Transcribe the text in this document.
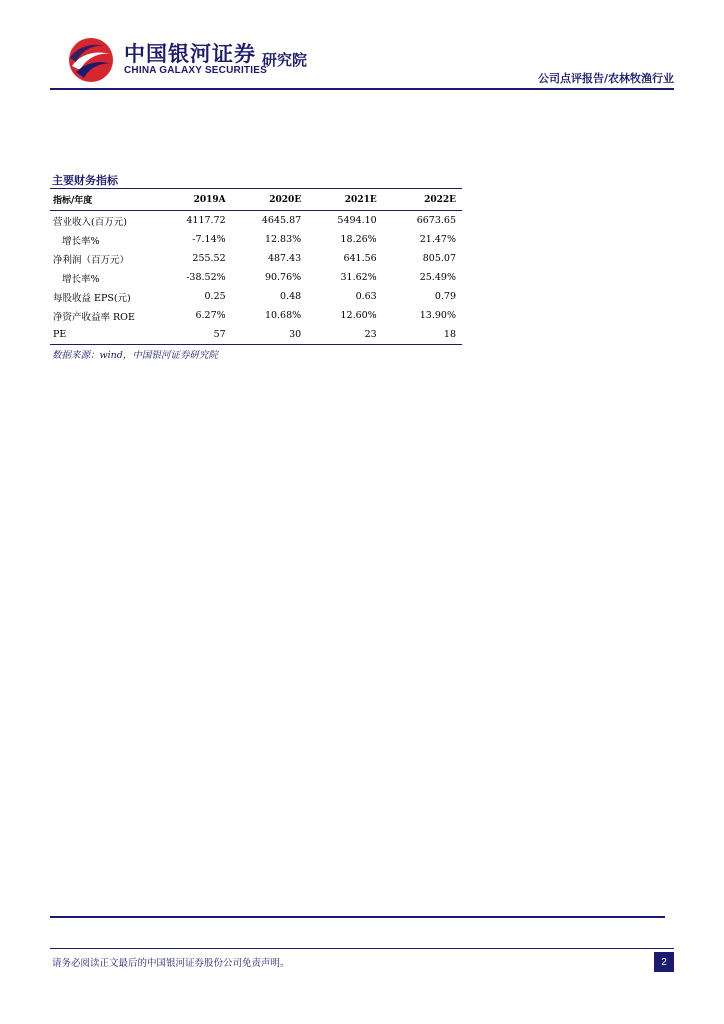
中国银河证券
CHINA GALAXY SECURITIES
研究院
公司点评报告/农林牧渔行业
主要财务指标
指标/年度	2019A	2020E	2021E	2022E
营业收入(百万元)	4117.72	4645.87	5494.10	6673.65
增长率%	-7.14%	12.83%	18.26%	21.47%
净利润（百万元）	255.52	487.43	641.56	805.07
增长率%	-38.52%	90.76%	31.62%	25.49%
每股收益 EPS(元)	0.25	0.48	0.63	0.79
净资产收益率 ROE	6.27%	10.68%	12.60%	13.90%
PE	57	30	23	18
数据来源：wind，中国银河证券研究院
请务必阅读正文最后的中国银河证券股份公司免责声明。	2
